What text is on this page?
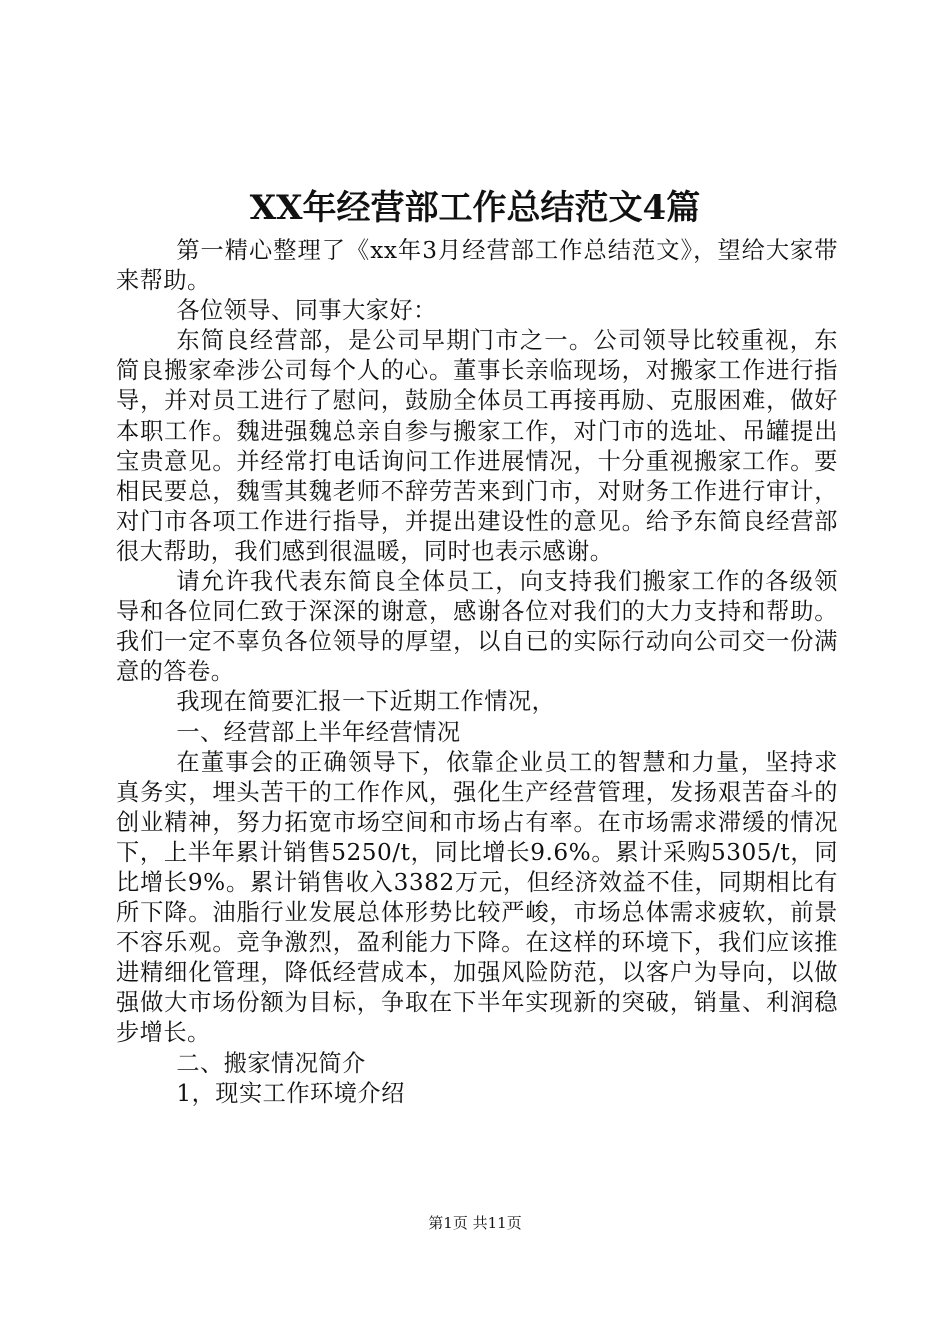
XX年经营部工作总结范文4篇

第一精心整理了《xx年3月经营部工作总结范文》，望给大家带来帮助。

各位领导、同事大家好：

东简良经营部，是公司早期门市之一。公司领导比较重视，东简良搬家牵涉公司每个人的心。董事长亲临现场，对搬家工作进行指导，并对员工进行了慰问，鼓励全体员工再接再励、克服困难，做好本职工作。魏进强魏总亲自参与搬家工作，对门市的选址、吊罐提出宝贵意见。并经常打电话询问工作进展情况，十分重视搬家工作。要相民要总，魏雪其魏老师不辞劳苦来到门市，对财务工作进行审计，对门市各项工作进行指导，并提出建设性的意见。给予东简良经营部很大帮助，我们感到很温暖，同时也表示感谢。

请允许我代表东简良全体员工，向支持我们搬家工作的各级领导和各位同仁致于深深的谢意，感谢各位对我们的大力支持和帮助。我们一定不辜负各位领导的厚望，以自已的实际行动向公司交一份满意的答卷。

我现在简要汇报一下近期工作情况，

一、经营部上半年经营情况

在董事会的正确领导下，依靠企业员工的智慧和力量，坚持求真务实，埋头苦干的工作作风，强化生产经营管理，发扬艰苦奋斗的创业精神，努力拓宽市场空间和市场占有率。在市场需求滞缓的情况下，上半年累计销售5250/t，同比增长9.6%。累计采购5305/t，同比增长9%。累计销售收入3382万元，但经济效益不佳，同期相比有所下降。油脂行业发展总体形势比较严峻，市场总体需求疲软，前景不容乐观。竞争激烈，盈利能力下降。在这样的环境下，我们应该推进精细化管理，降低经营成本，加强风险防范，以客户为导向，以做强做大市场份额为目标，争取在下半年实现新的突破，销量、利润稳步增长。

二、搬家情况简介

1，现实工作环境介绍

第1页 共11页
